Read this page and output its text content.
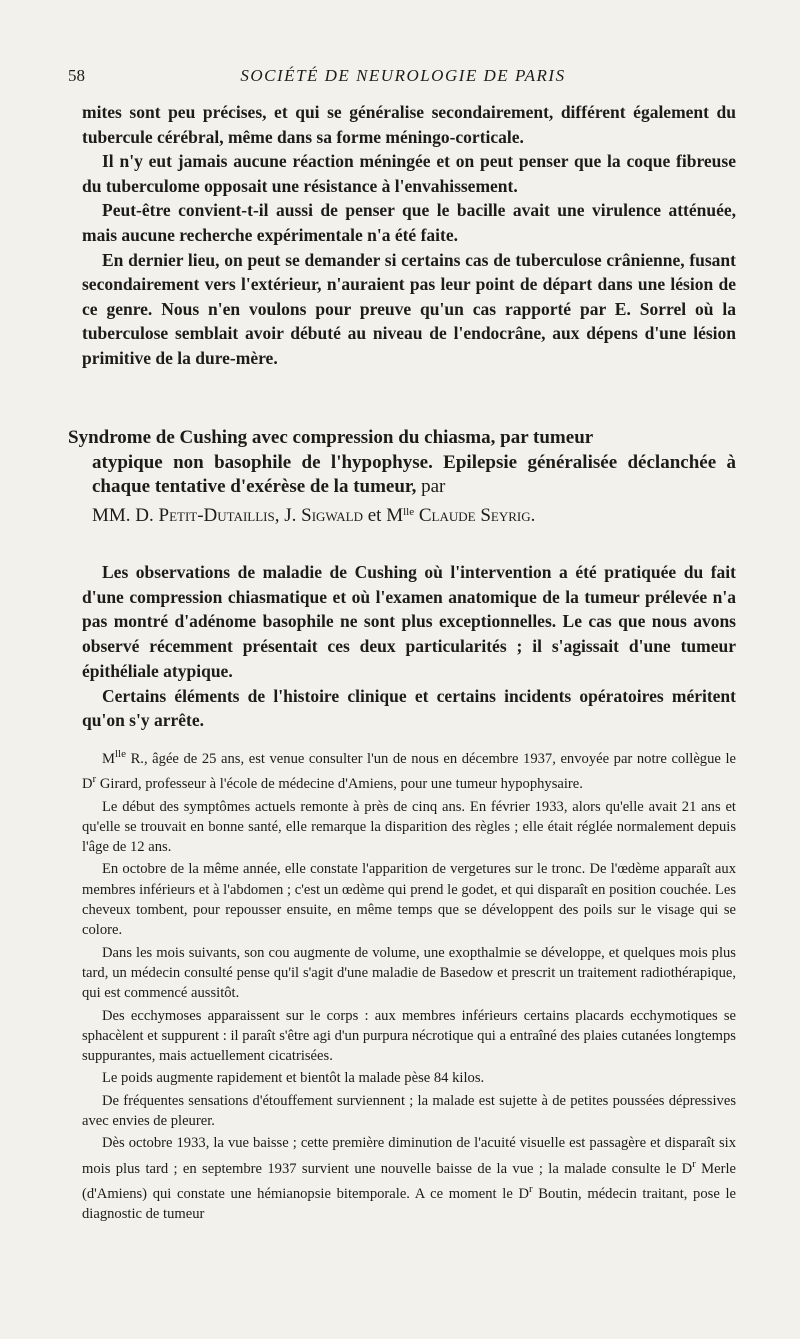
58	SOCIÉTÉ DE NEUROLOGIE DE PARIS

mites sont peu précises, et qui se généralise secondairement, différent également du tubercule cérébral, même dans sa forme méningo-corticale.

Il n'y eut jamais aucune réaction méningée et on peut penser que la coque fibreuse du tuberculome opposait une résistance à l'envahissement.

Peut-être convient-t-il aussi de penser que le bacille avait une virulence atténuée, mais aucune recherche expérimentale n'a été faite.

En dernier lieu, on peut se demander si certains cas de tuberculose crânienne, fusant secondairement vers l'extérieur, n'auraient pas leur point de départ dans une lésion de ce genre. Nous n'en voulons pour preuve qu'un cas rapporté par E. Sorrel où la tuberculose semblait avoir débuté au niveau de l'endocrâne, aux dépens d'une lésion primitive de la dure-mère.

Syndrome de Cushing avec compression du chiasma, par tumeur
atypique non basophile de l'hypophyse. Epilepsie généralisée déclanchée à chaque tentative d'exérèse de la tumeur, par
MM. D. Petit-Dutaillis, J. Sigwald et $M^{lle}$ Claude Seyrig.

Les observations de maladie de Cushing où l'intervention a été pratiquée du fait d'une compression chiasmatique et où l'examen anatomique de la tumeur prélevée n'a pas montré d'adénome basophile ne sont plus exceptionnelles. Le cas que nous avons observé récemment présentait ces deux particularités ; il s'agissait d'une tumeur épithéliale atypique.

Certains éléments de l'histoire clinique et certains incidents opératoires méritent qu'on s'y arrête.

$M^{lle}$ R., âgée de 25 ans, est venue consulter l'un de nous en décembre 1937, envoyée par notre collègue le $D^r$ Girard, professeur à l'école de médecine d'Amiens, pour une tumeur hypophysaire.

Le début des symptômes actuels remonte à près de cinq ans. En février 1933, alors qu'elle avait 21 ans et qu'elle se trouvait en bonne santé, elle remarque la disparition des règles ; elle était réglée normalement depuis l'âge de 12 ans.

En octobre de la même année, elle constate l'apparition de vergetures sur le tronc. De l'œdème apparaît aux membres inférieurs et à l'abdomen ; c'est un œdème qui prend le godet, et qui disparaît en position couchée. Les cheveux tombent, pour repousser ensuite, en même temps que se développent des poils sur le visage qui se colore.

Dans les mois suivants, son cou augmente de volume, une exopthalmie se développe, et quelques mois plus tard, un médecin consulté pense qu'il s'agit d'une maladie de Basedow et prescrit un traitement radiothérapique, qui est commencé aussitôt.

Des ecchymoses apparaissent sur le corps : aux membres inférieurs certains placards ecchymotiques se sphacèlent et suppurent : il paraît s'être agi d'un purpura nécrotique qui a entraîné des plaies cutanées longtemps suppurantes, mais actuellement cicatrisées.

Le poids augmente rapidement et bientôt la malade pèse 84 kilos.

De fréquentes sensations d'étouffement surviennent ; la malade est sujette à de petites poussées dépressives avec envies de pleurer.

Dès octobre 1933, la vue baisse ; cette première diminution de l'acuité visuelle est passagère et disparaît six mois plus tard ; en septembre 1937 survient une nouvelle baisse de la vue ; la malade consulte le $D^r$ Merle (d'Amiens) qui constate une hémianopsie bitemporale. A ce moment le $D^r$ Boutin, médecin traitant, pose le diagnostic de tumeur
